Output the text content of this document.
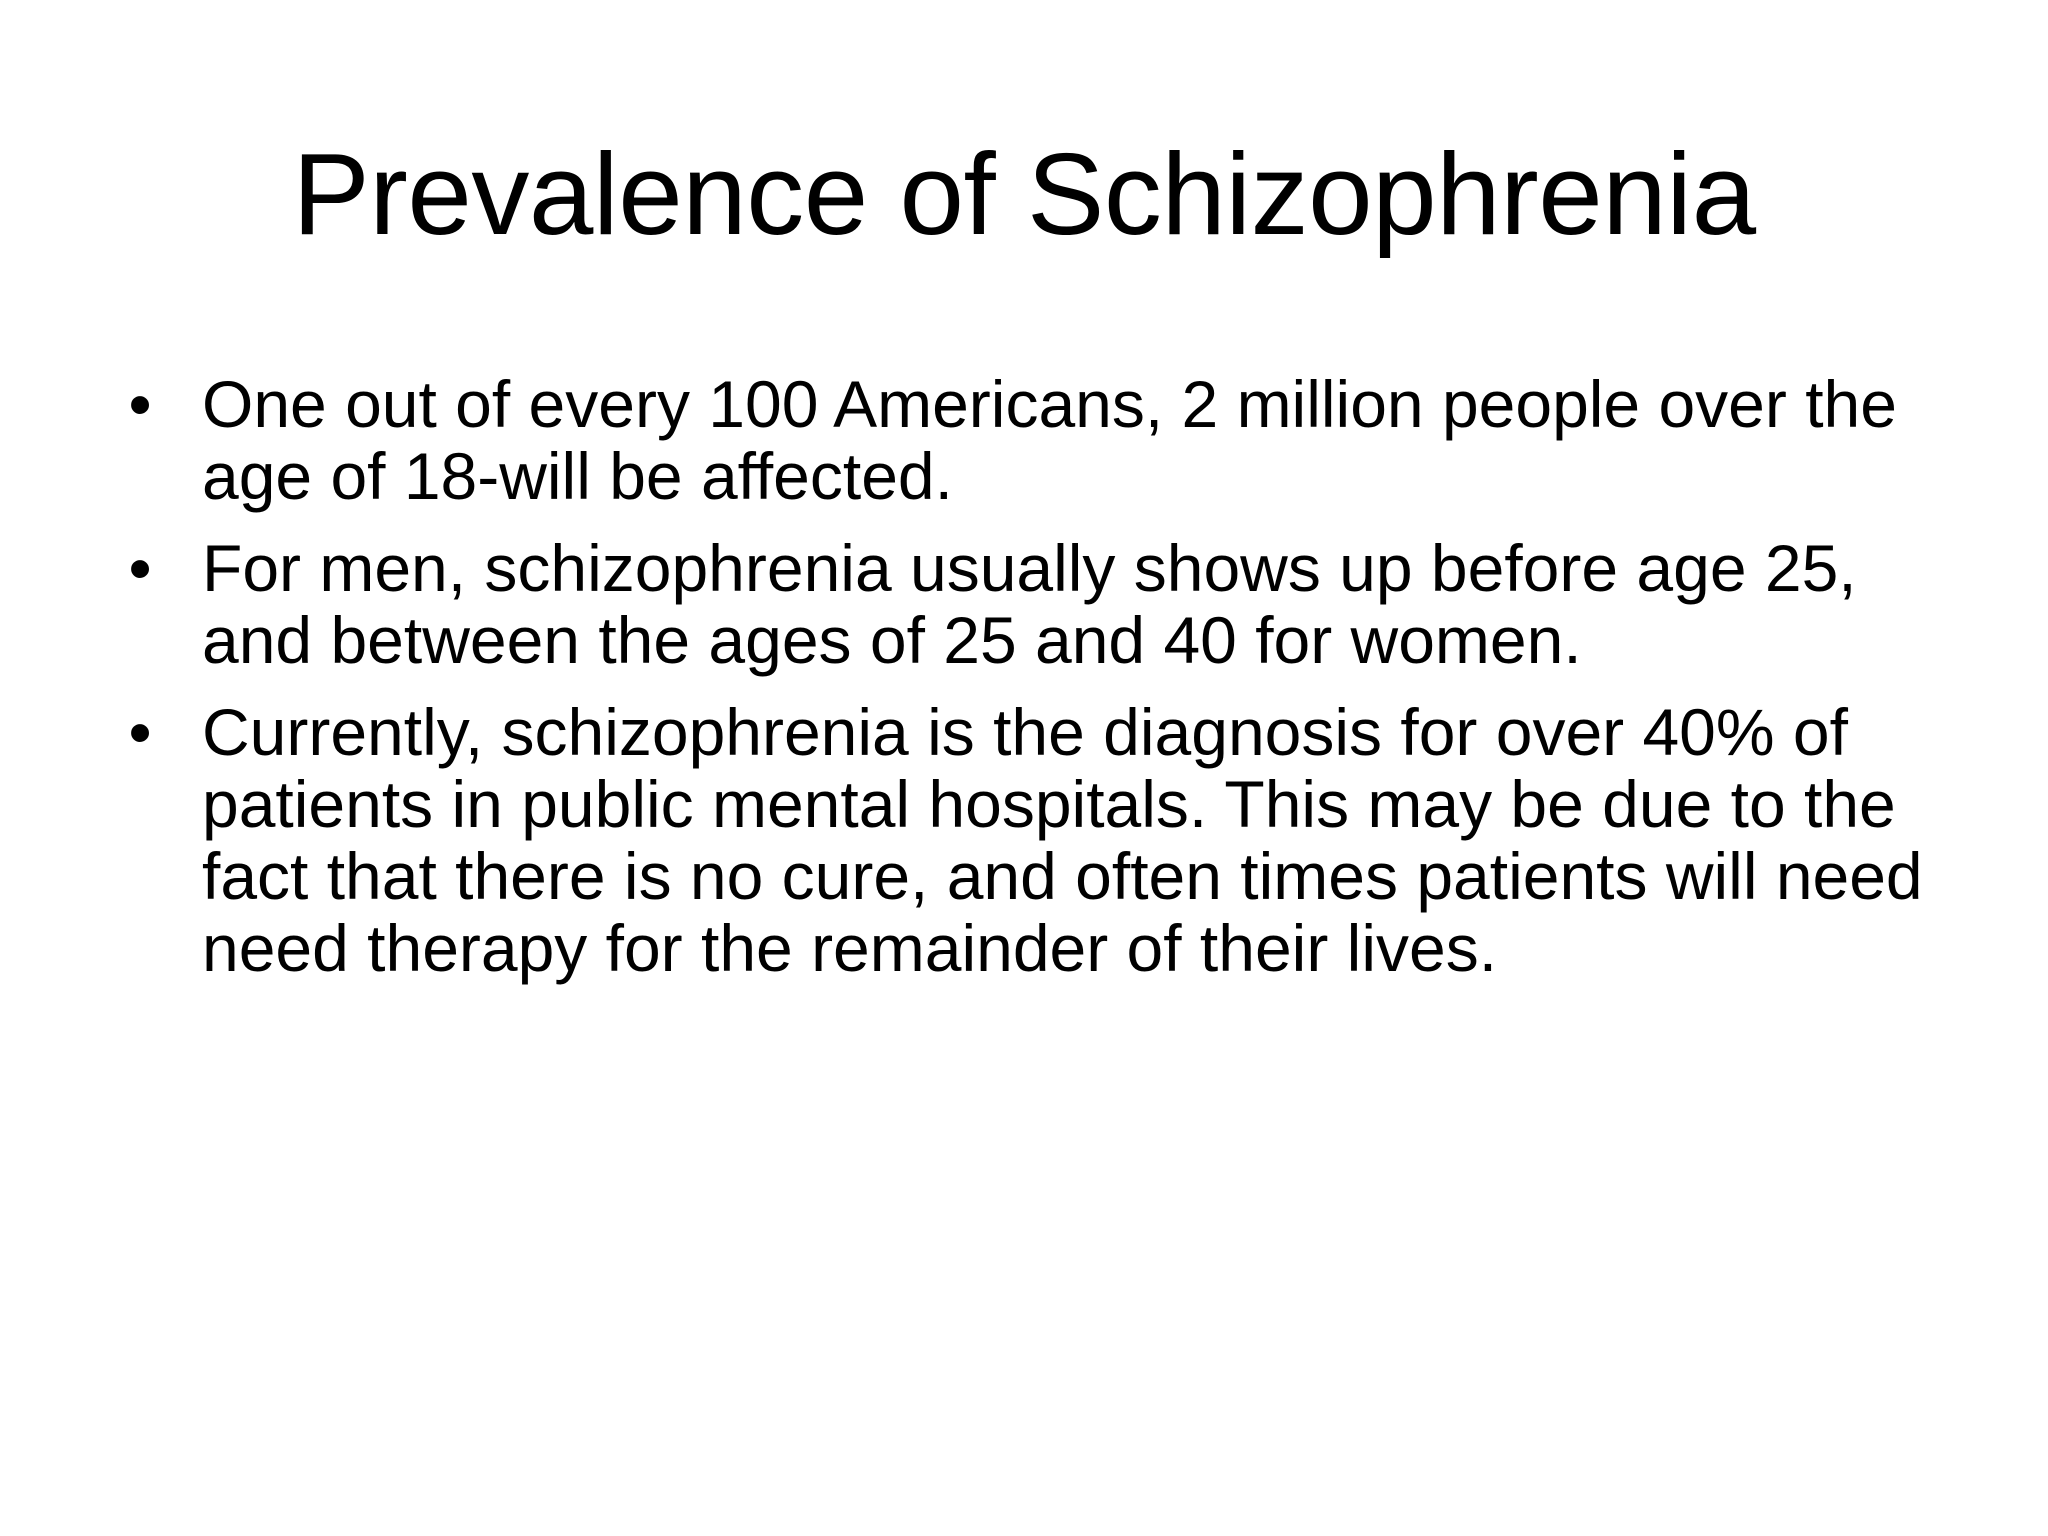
Prevalence of Schizophrenia
• One out of every 100 Americans, 2 million people over the age of 18-will be affected.
• For men, schizophrenia usually shows up before age 25, and between the ages of 25 and 40 for women.
• Currently, schizophrenia is the diagnosis for over 40% of patients in public mental hospitals. This may be due to the fact that there is no cure, and often times patients will need need therapy for the remainder of their lives.
